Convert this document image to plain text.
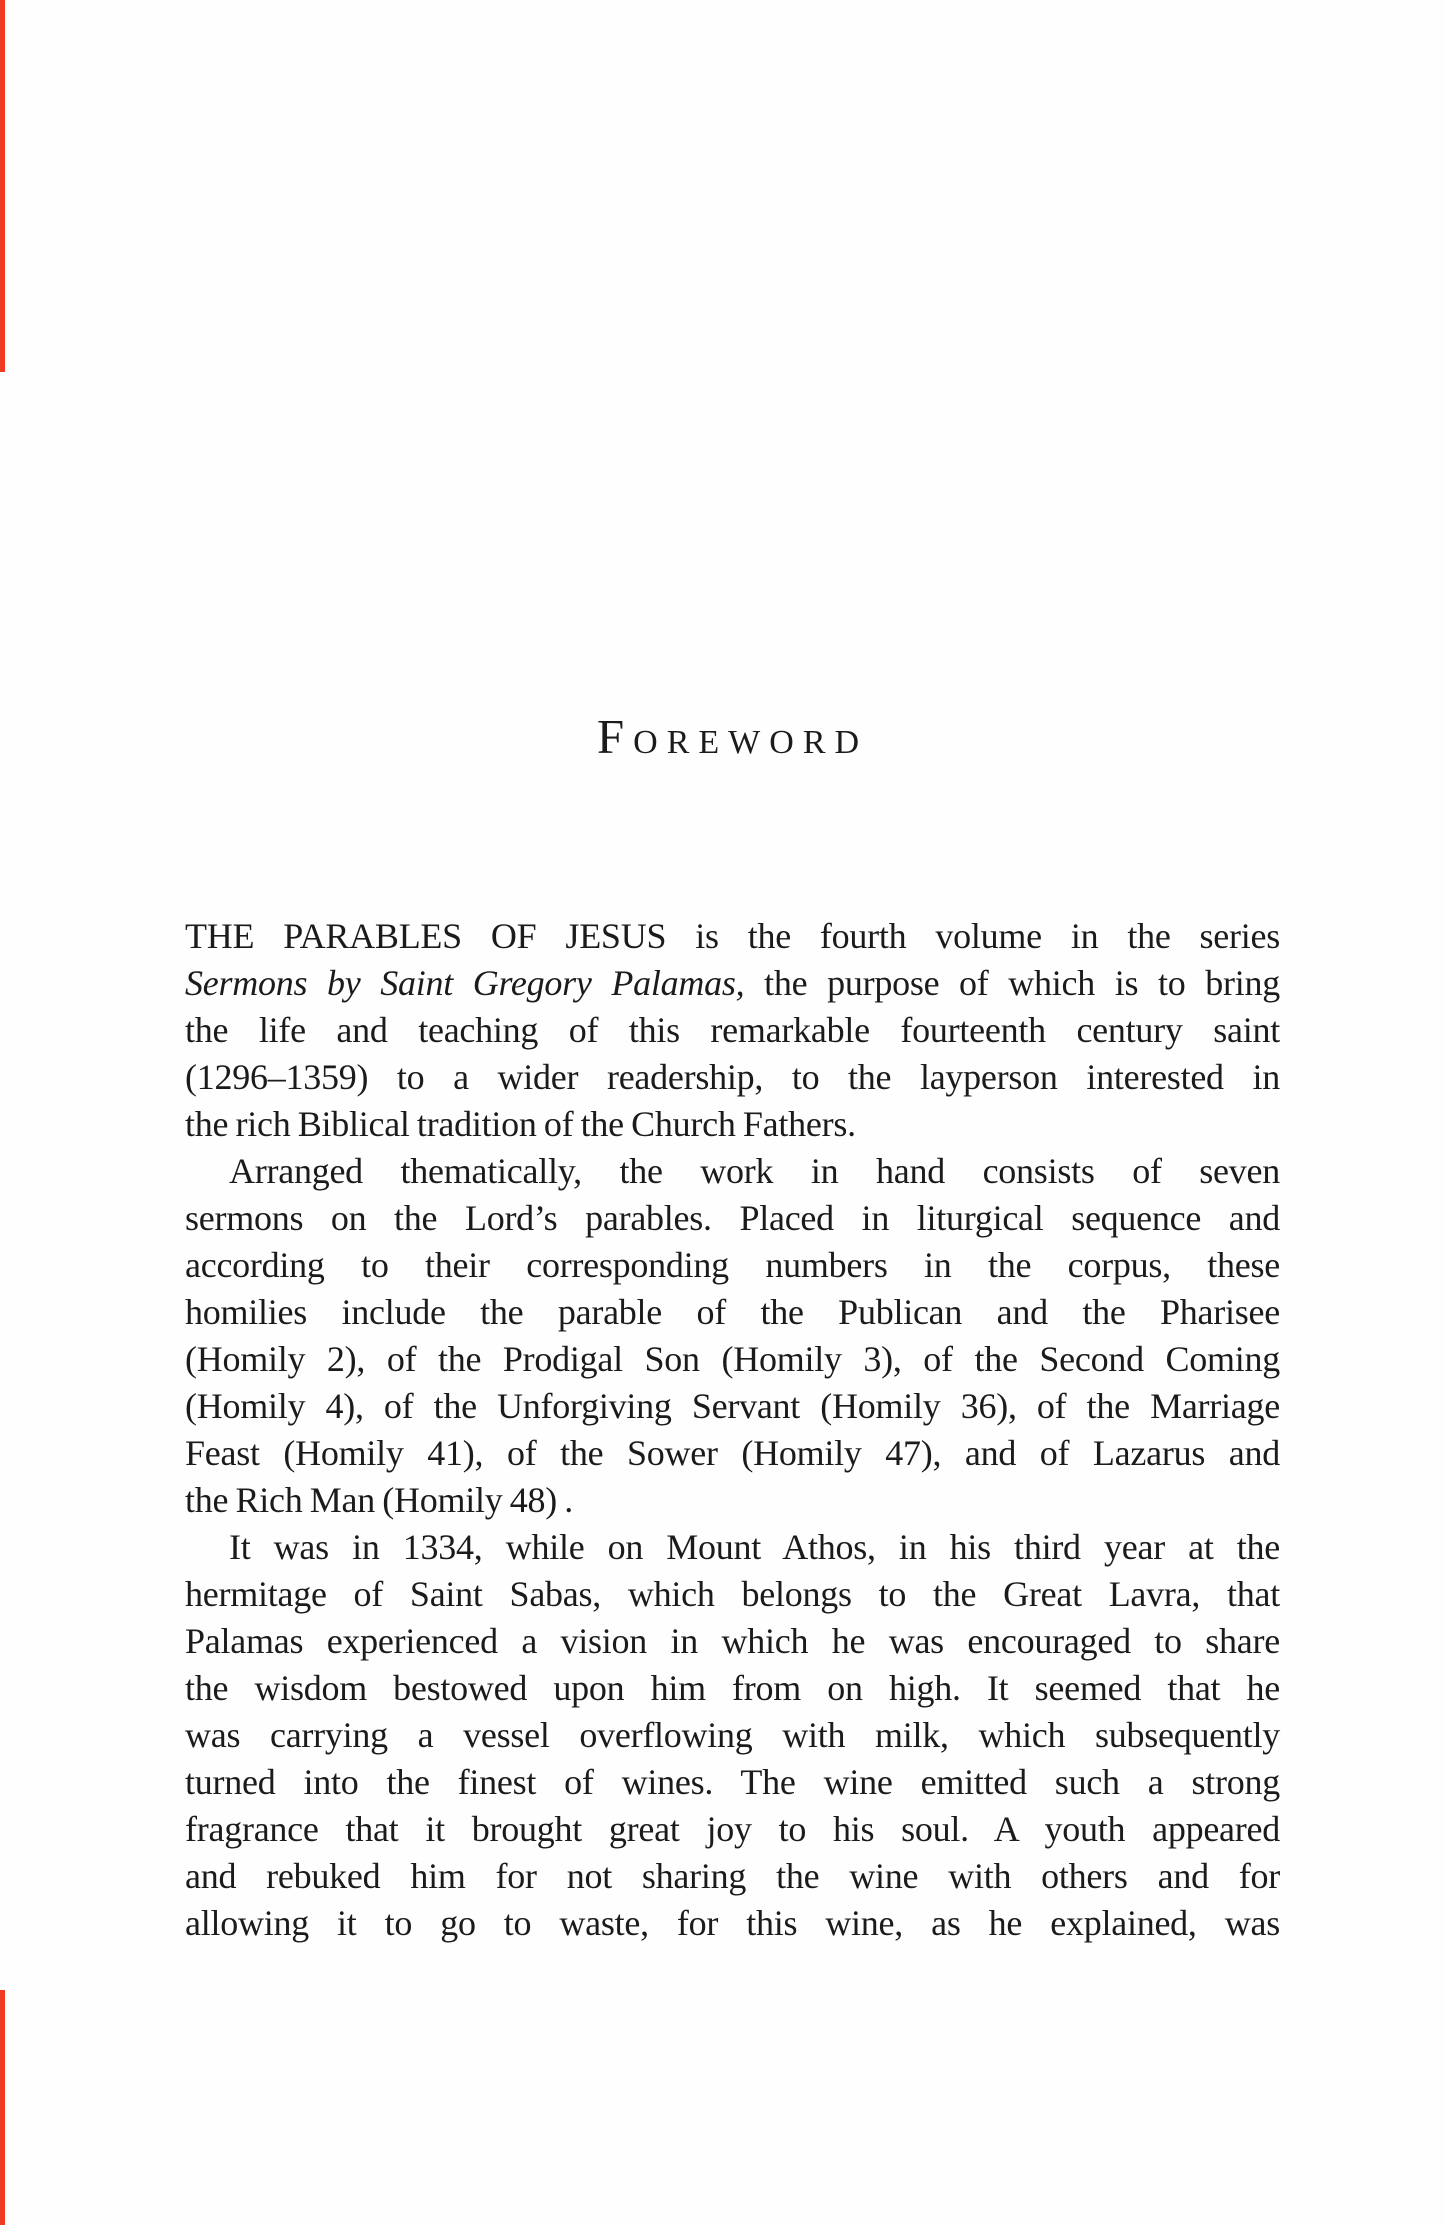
Foreword
THE PARABLES OF JESUS is the fourth volume in the series
Sermons by Saint Gregory Palamas, the purpose of which is to bring
the life and teaching of this remarkable fourteenth century saint
(1296–1359) to a wider readership, to the layperson interested in
the rich Biblical tradition of the Church Fathers.
Arranged thematically, the work in hand consists of seven
sermons on the Lord’s parables. Placed in liturgical sequence and
according to their corresponding numbers in the corpus, these
homilies include the parable of the Publican and the Pharisee
(Homily 2), of the Prodigal Son (Homily 3), of the Second Coming
(Homily 4), of the Unforgiving Servant (Homily 36), of the Marriage
Feast (Homily 41), of the Sower (Homily 47), and of Lazarus and
the Rich Man (Homily 48) .
It was in 1334, while on Mount Athos, in his third year at the
hermitage of Saint Sabas, which belongs to the Great Lavra, that
Palamas experienced a vision in which he was encouraged to share
the wisdom bestowed upon him from on high. It seemed that he
was carrying a vessel overflowing with milk, which subsequently
turned into the finest of wines. The wine emitted such a strong
fragrance that it brought great joy to his soul. A youth appeared
and rebuked him for not sharing the wine with others and for
allowing it to go to waste, for this wine, as he explained, was
